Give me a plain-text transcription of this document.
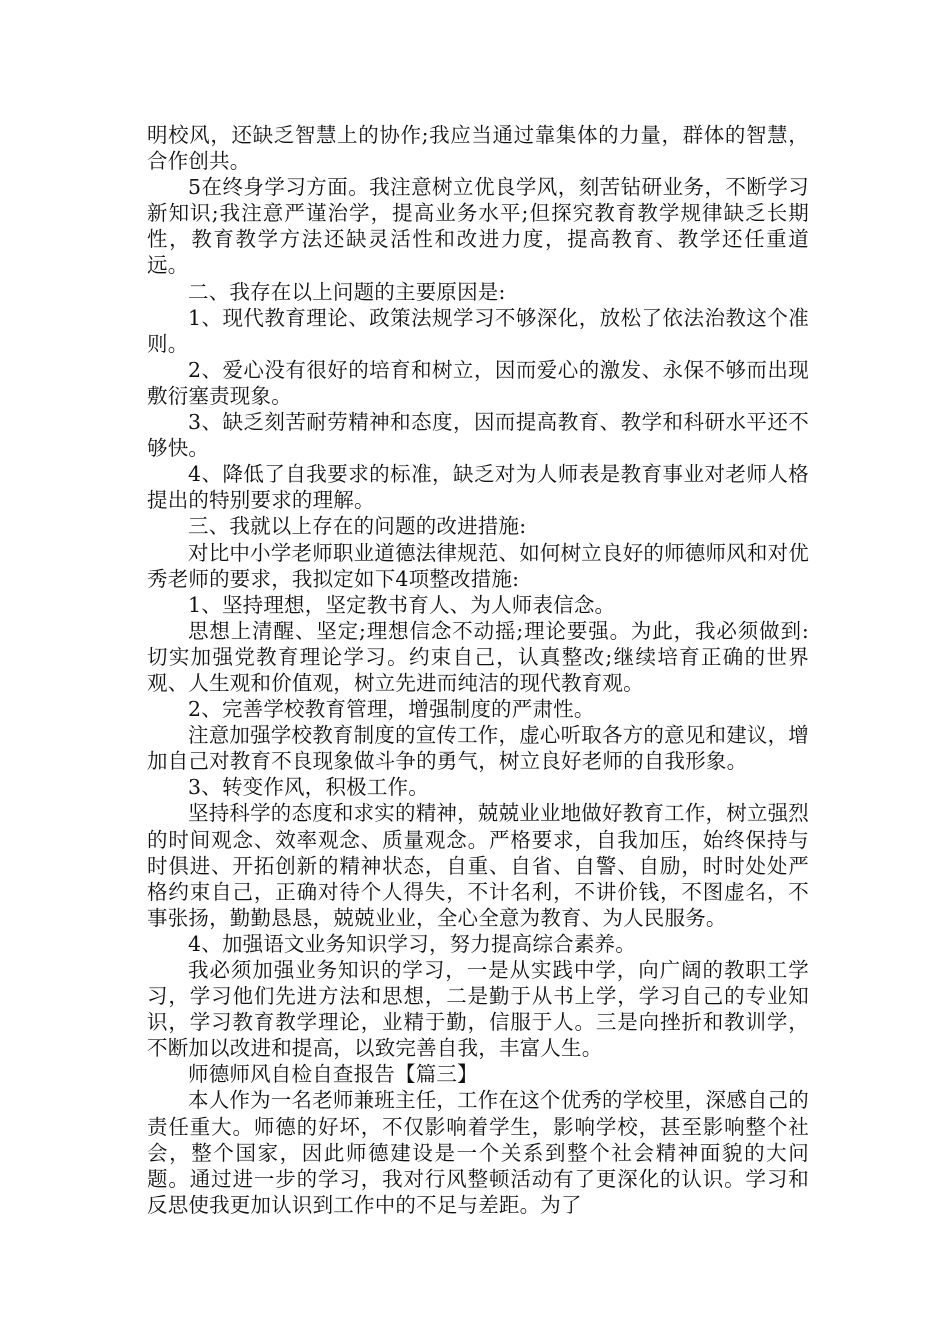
明校风，还缺乏智慧上的协作;我应当通过靠集体的力量，群体的智慧，合作创共。

5在终身学习方面。我注意树立优良学风，刻苦钻研业务，不断学习新知识;我注意严谨治学，提高业务水平;但探究教育教学规律缺乏长期性，教育教学方法还缺灵活性和改进力度，提高教育、教学还任重道远。

二、我存在以上问题的主要原因是:

1、现代教育理论、政策法规学习不够深化，放松了依法治教这个准则。

2、爱心没有很好的培育和树立，因而爱心的激发、永保不够而出现敷衍塞责现象。

3、缺乏刻苦耐劳精神和态度，因而提高教育、教学和科研水平还不够快。

4、降低了自我要求的标准，缺乏对为人师表是教育事业对老师人格提出的特别要求的理解。

三、我就以上存在的问题的改进措施:

对比中小学老师职业道德法律规范、如何树立良好的师德师风和对优秀老师的要求，我拟定如下4项整改措施:

1、坚持理想，坚定教书育人、为人师表信念。

思想上清醒、坚定;理想信念不动摇;理论要强。为此，我必须做到:切实加强党教育理论学习。约束自己，认真整改;继续培育正确的世界观、人生观和价值观，树立先进而纯洁的现代教育观。

2、完善学校教育管理，增强制度的严肃性。

注意加强学校教育制度的宣传工作，虚心听取各方的意见和建议，增加自己对教育不良现象做斗争的勇气，树立良好老师的自我形象。

3、转变作风，积极工作。

坚持科学的态度和求实的精神，兢兢业业地做好教育工作，树立强烈的时间观念、效率观念、质量观念。严格要求，自我加压，始终保持与时俱进、开拓创新的精神状态，自重、自省、自警、自励，时时处处严格约束自己，正确对待个人得失，不计名利，不讲价钱，不图虚名，不事张扬，勤勤恳恳，兢兢业业，全心全意为教育、为人民服务。

4、加强语文业务知识学习，努力提高综合素养。

我必须加强业务知识的学习，一是从实践中学，向广阔的教职工学习，学习他们先进方法和思想，二是勤于从书上学，学习自己的专业知识，学习教育教学理论，业精于勤，信服于人。三是向挫折和教训学，不断加以改进和提高，以致完善自我，丰富人生。

师德师风自检自查报告【篇三】

本人作为一名老师兼班主任，工作在这个优秀的学校里，深感自己的责任重大。师德的好坏，不仅影响着学生，影响学校，甚至影响整个社会，整个国家，因此师德建设是一个关系到整个社会精神面貌的大问题。通过进一步的学习，我对行风整顿活动有了更深化的认识。学习和反思使我更加认识到工作中的不足与差距。为了
